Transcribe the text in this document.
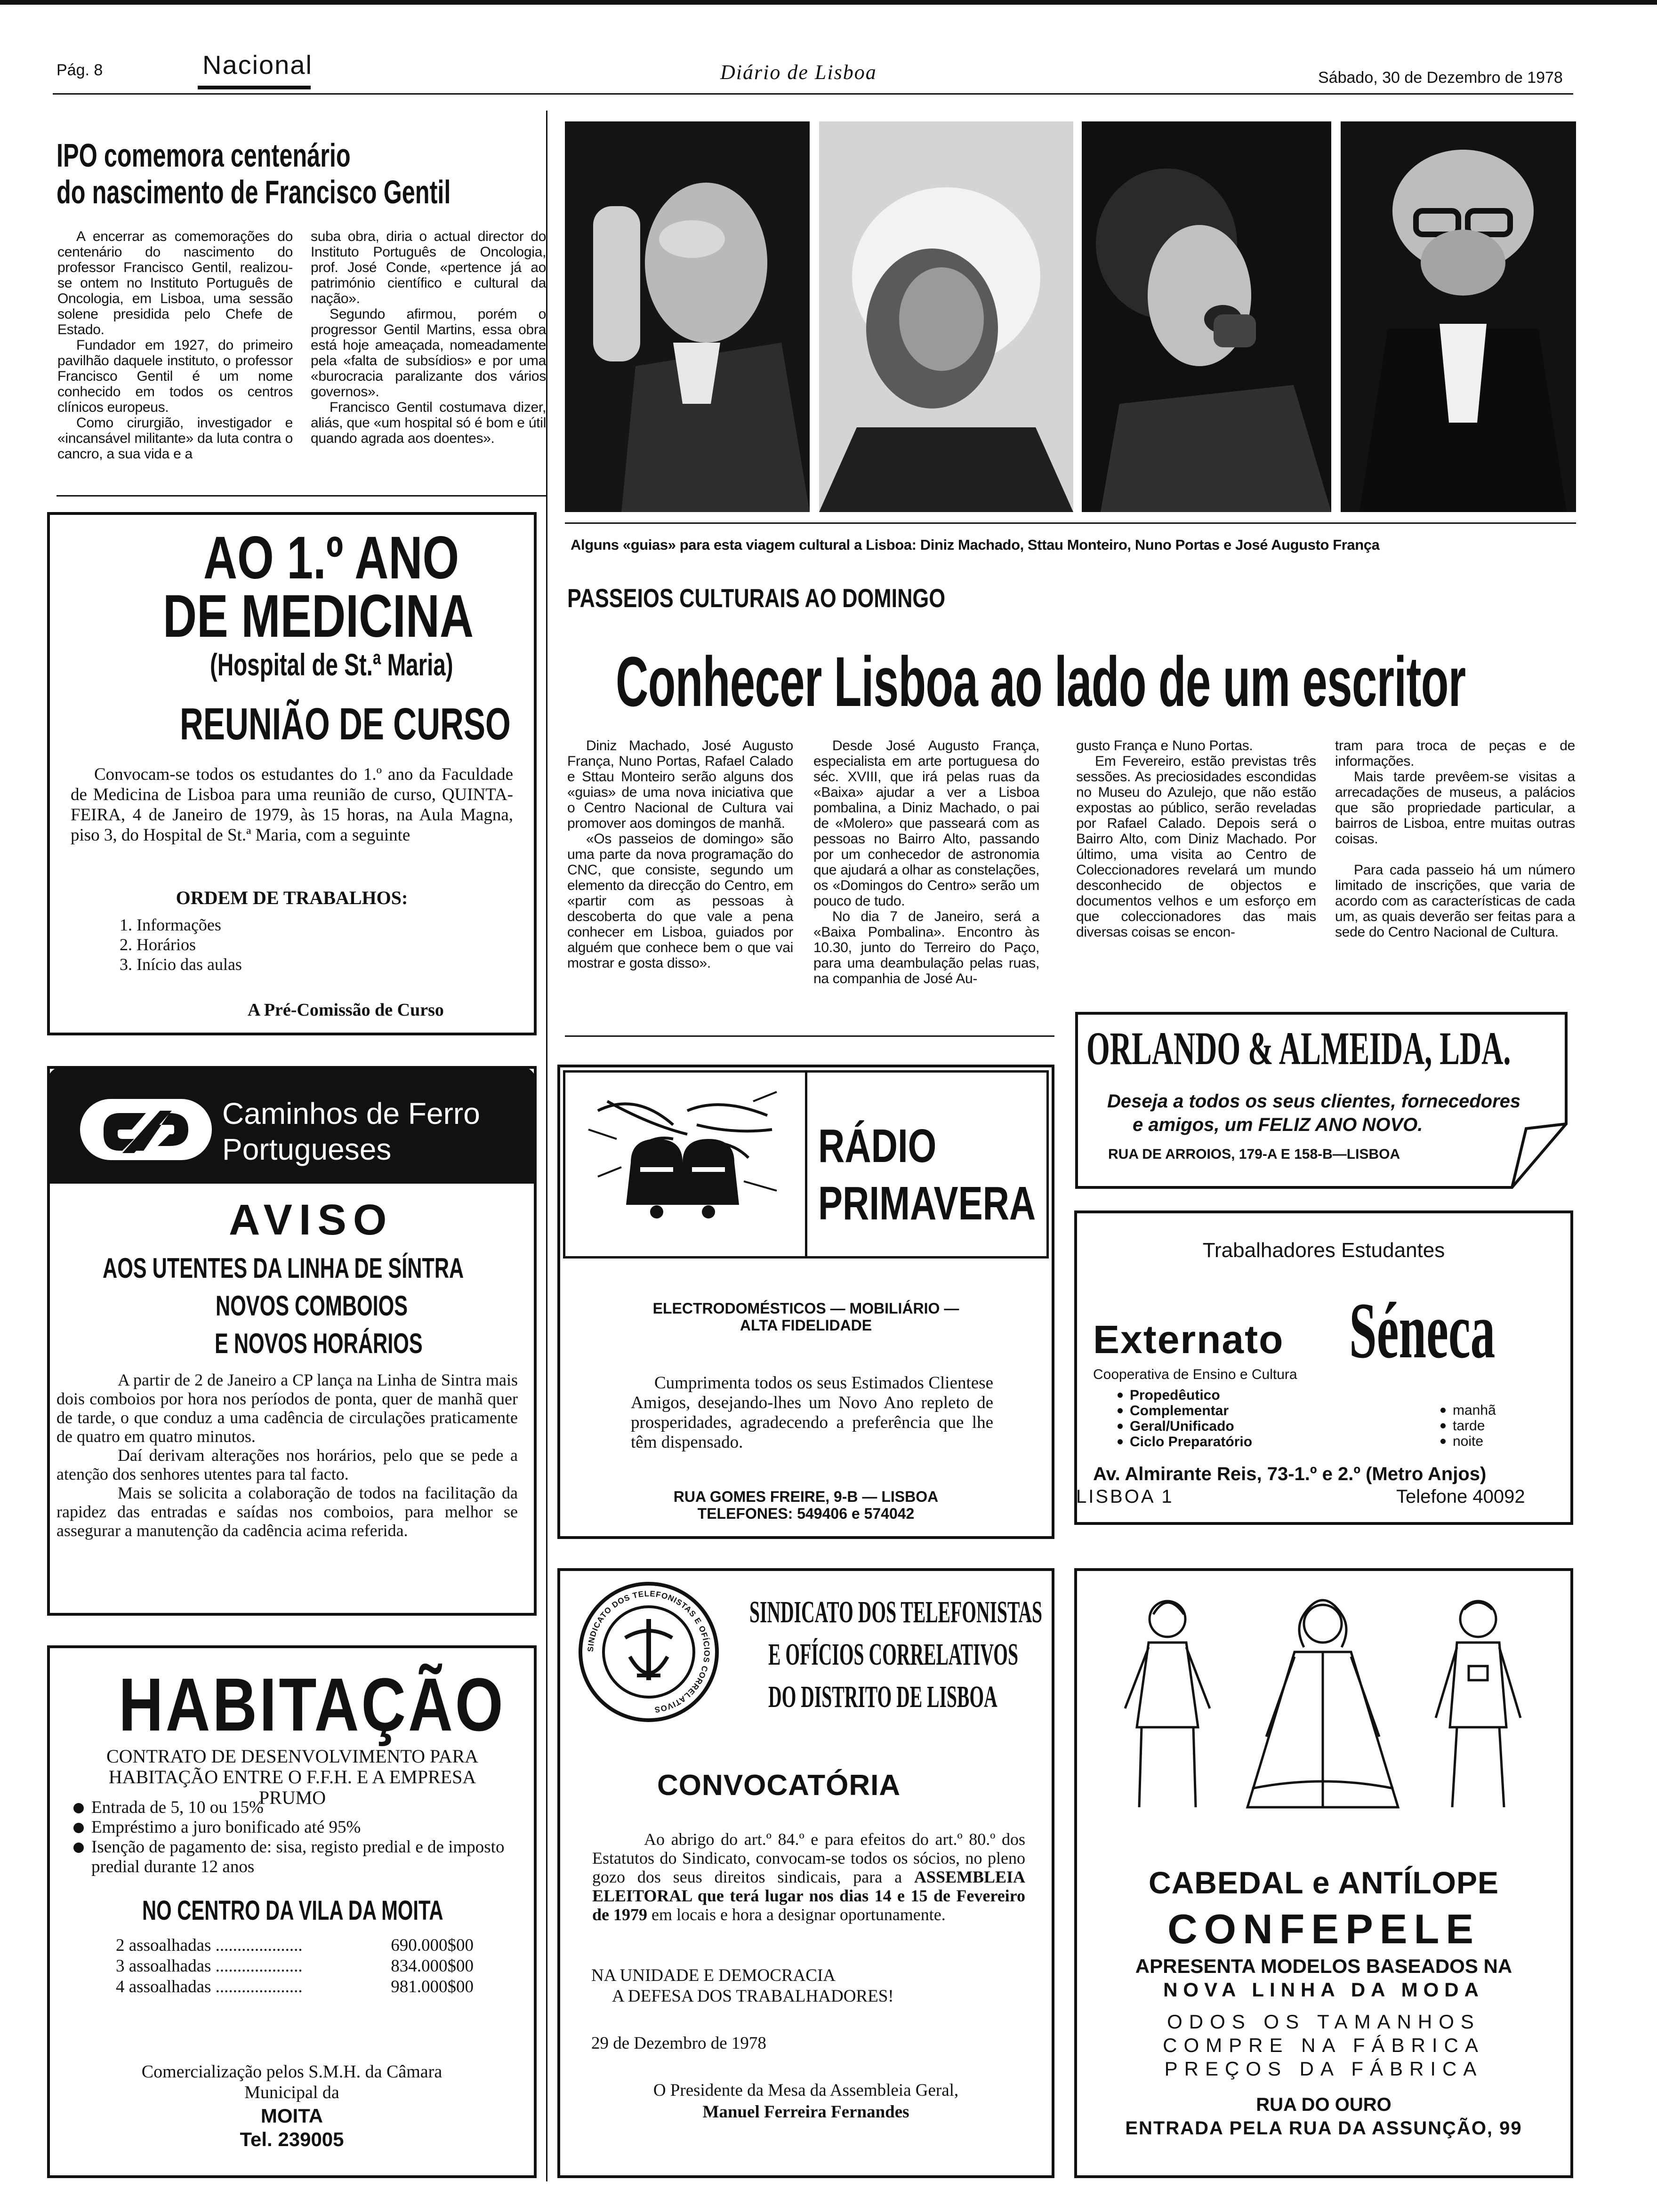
Pág. 8	Nacional	Diário de Lisboa	Sábado, 30 de Dezembro de 1978
IPO comemora centenário
do nascimento de Francisco Gentil

A encerrar as comemorações do centenário do nascimento do professor Francisco Gentil, realizou-se ontem no Instituto Português de Oncologia, em Lisboa, uma sessão solene presidida pelo Chefe de Estado.

Fundador em 1927, do primeiro pavilhão daquele instituto, o professor Francisco Gentil é um nome conhecido em todos os centros clínicos europeus.

Como cirurgião, investigador e «incansável militante» da luta contra o cancro, a sua vida e a

suba obra, diria o actual director do Instituto Português de Oncologia, prof. José Conde, «pertence já ao património científico e cultural da nação».

Segundo afirmou, porém o progressor Gentil Martins, essa obra está hoje ameaçada, nomeadamente pela «falta de subsídios» e por uma «burocracia paralizante dos vários governos».

Francisco Gentil costumava dizer, aliás, que «um hospital só é bom e útil quando agrada aos doentes».

Alguns «guias» para esta viagem cultural a Lisboa: Diniz Machado, Sttau Monteiro, Nuno Portas e José Augusto França
PASSEIOS CULTURAIS AO DOMINGO
Conhecer Lisboa ao lado de um escritor

Diniz Machado, José Augusto França, Nuno Portas, Rafael Calado e Sttau Monteiro serão alguns dos «guias» de uma nova iniciativa que o Centro Nacional de Cultura vai promover aos domingos de manhã.

«Os passeios de domingo» são uma parte da nova programação do CNC, que consiste, segundo um elemento da direcção do Centro, em «partir com as pessoas à descoberta do que vale a pena conhecer em Lisboa, guiados por alguém que conhece bem o que vai mostrar e gosta disso».

Desde José Augusto França, especialista em arte portuguesa do séc. XVIII, que irá pelas ruas da «Baixa» ajudar a ver a Lisboa pombalina, a Diniz Machado, o pai de «Molero» que passeará com as pessoas no Bairro Alto, passando por um conhecedor de astronomia que ajudará a olhar as constelações, os «Domingos do Centro» serão um pouco de tudo.

No dia 7 de Janeiro, será a «Baixa Pombalina». Encontro às 10.30, junto do Terreiro do Paço, para uma deambulação pelas ruas, na companhia de José Au-

gusto França e Nuno Portas.

Em Fevereiro, estão previstas três sessões. As preciosidades escondidas no Museu do Azulejo, que não estão expostas ao público, serão reveladas por Rafael Calado. Depois será o Bairro Alto, com Diniz Machado. Por último, uma visita ao Centro de Coleccionadores revelará um mundo desconhecido de objectos e documentos velhos e um esforço em que coleccionadores das mais diversas coisas se encon-

tram para troca de peças e de informações.

Mais tarde prevêem-se visitas a arrecadações de museus, a palácios que são propriedade particular, a bairros de Lisboa, entre muitas outras coisas.

Para cada passeio há um número limitado de inscrições, que varia de acordo com as características de cada um, as quais deverão ser feitas para a sede do Centro Nacional de Cultura.

AO 1.º ANO
DE MEDICINA
(Hospital de St.ª Maria)
REUNIÃO DE CURSO

Convocam-se todos os estudantes do 1.º ano da Faculdade de Medicina de Lisboa para uma reunião de curso, QUINTA-FEIRA, 4 de Janeiro de 1979, às 15 horas, na Aula Magna, piso 3, do Hospital de St.ª Maria, com a seguinte

ORDEM DE TRABALHOS:
1. Informações
2. Horários
3. Início das aulas
A Pré-Comissão de Curso
Caminhos de Ferro
Portugueses
AVISO
AOS UTENTES DA LINHA DE SÍNTRA
NOVOS COMBOIOS
E NOVOS HORÁRIOS

A partir de 2 de Janeiro a CP lança na Linha de Sintra mais dois comboios por hora nos períodos de ponta, quer de manhã quer de tarde, o que conduz a uma cadência de circulações praticamente de quatro em quatro minutos.

Daí derivam alterações nos horários, pelo que se pede a atenção dos senhores utentes para tal facto.

Mais se solicita a colaboração de todos na facilitação da rapidez das entradas e saídas nos comboios, para melhor se assegurar a manutenção da cadência acima referida.

HABITAÇÃO

CONTRATO DE DESENVOLVIMENTO PARA HABITAÇÃO ENTRE O F.F.H. E A EMPRESA PRUMO

Entrada de 5, 10 ou 15%
Empréstimo a juro bonificado até 95%
Isenção de pagamento de: sisa, registo predial e de imposto predial durante 12 anos
NO CENTRO DA VILA DA MOITA
2 assoalhadas ....................	690.000$00
3 assoalhadas ....................	834.000$00
4 assoalhadas ....................	981.000$00
Comercialização pelos S.M.H. da Câmara
Municipal da
MOITA
Tel. 239005
RÁDIO
PRIMAVERA
ELECTRODOMÉSTICOS — MOBILIÁRIO —
ALTA FIDELIDADE

Cumprimenta todos os seus Estimados Clientese Amigos, desejando-lhes um Novo Ano repleto de prosperidades, agradecendo a preferência que lhe têm dispensado.

RUA GOMES FREIRE, 9-B — LISBOA
TELEFONES: 549406 e 574042
ORLANDO & ALMEIDA, LDA.
Deseja a todos os seus clientes, fornecedores
e amigos, um FELIZ ANO NOVO.
RUA DE ARROIOS, 179-A E 158-B—LISBOA
Trabalhadores Estudantes
Externato Séneca
Cooperativa de Ensino e Cultura
Propedêutico
Complementar
Geral/Unificado
Ciclo Preparatório
manhã
tarde
noite
Av. Almirante Reis, 73-1.º e 2.º (Metro Anjos)
LISBOA 1	Telefone 40092
SINDICATO DOS TELEFONISTAS E OFÍCIOS CORRELATIVOS
SINDICATO DOS TELEFONISTAS
E OFÍCIOS CORRELATIVOS
DO DISTRITO DE LISBOA
CONVOCATÓRIA
Ao abrigo do art.º 84.º e para efeitos do art.º 80.º dos Estatutos do Sindicato, convocam-se todos os sócios, no pleno gozo dos seus direitos sindicais, para a ASSEMBLEIA ELEITORAL que terá lugar nos dias 14 e 15 de Fevereiro de 1979 em locais e hora a designar oportunamente.
NA UNIDADE E DEMOCRACIA
A DEFESA DOS TRABALHADORES!
29 de Dezembro de 1978
O Presidente da Mesa da Assembleia Geral,
Manuel Ferreira Fernandes
CABEDAL e ANTÍLOPE
CONFEPELE
APRESENTA MODELOS BASEADOS NA
NOVA LINHA DA MODA
ODOS OS TAMANHOS
COMPRE NA FÁBRICA
PREÇOS DA FÁBRICA
RUA DO OURO
ENTRADA PELA RUA DA ASSUNÇÃO, 99
